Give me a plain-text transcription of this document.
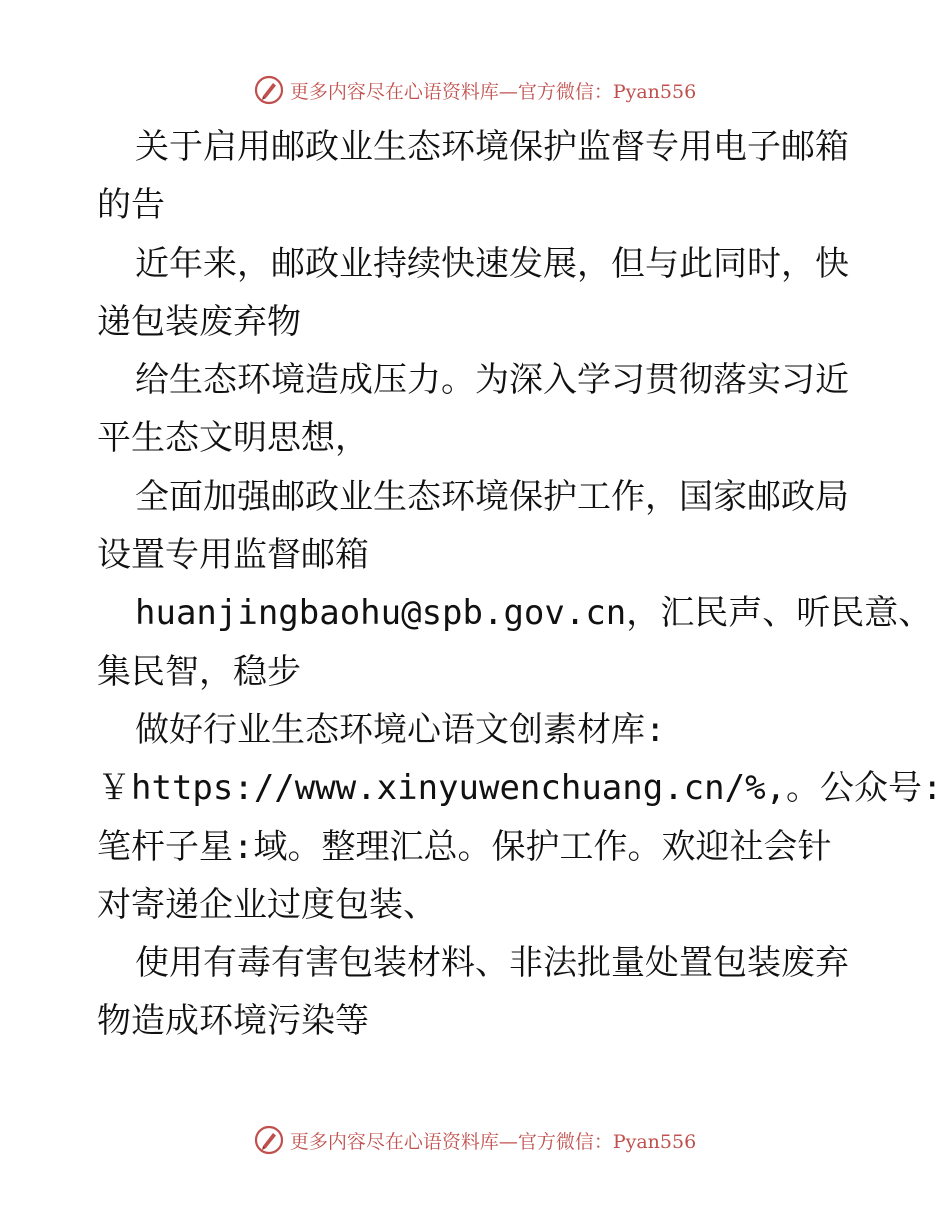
更多内容尽在心语资料库—官方微信：Pyan556

关于启用邮政业生态环境保护监督专用电子邮箱
的告

近年来，邮政业持续快速发展，但与此同时，快
递包装废弃物

给生态环境造成压力。为深入学习贯彻落实习近
平生态文明思想，

全面加强邮政业生态环境保护工作，国家邮政局
设置专用监督邮箱

huanjingbaohu@spb.gov.cn，汇民声、听民意、
集民智，稳步

做好行业生态环境心语文创素材库:
￥https://www.xinyuwenchuang.cn/%,。公众号:
笔杆子星:域。整理汇总。保护工作。欢迎社会针
对寄递企业过度包装、

使用有毒有害包装材料、非法批量处置包装废弃
物造成环境污染等

更多内容尽在心语资料库—官方微信：Pyan556
